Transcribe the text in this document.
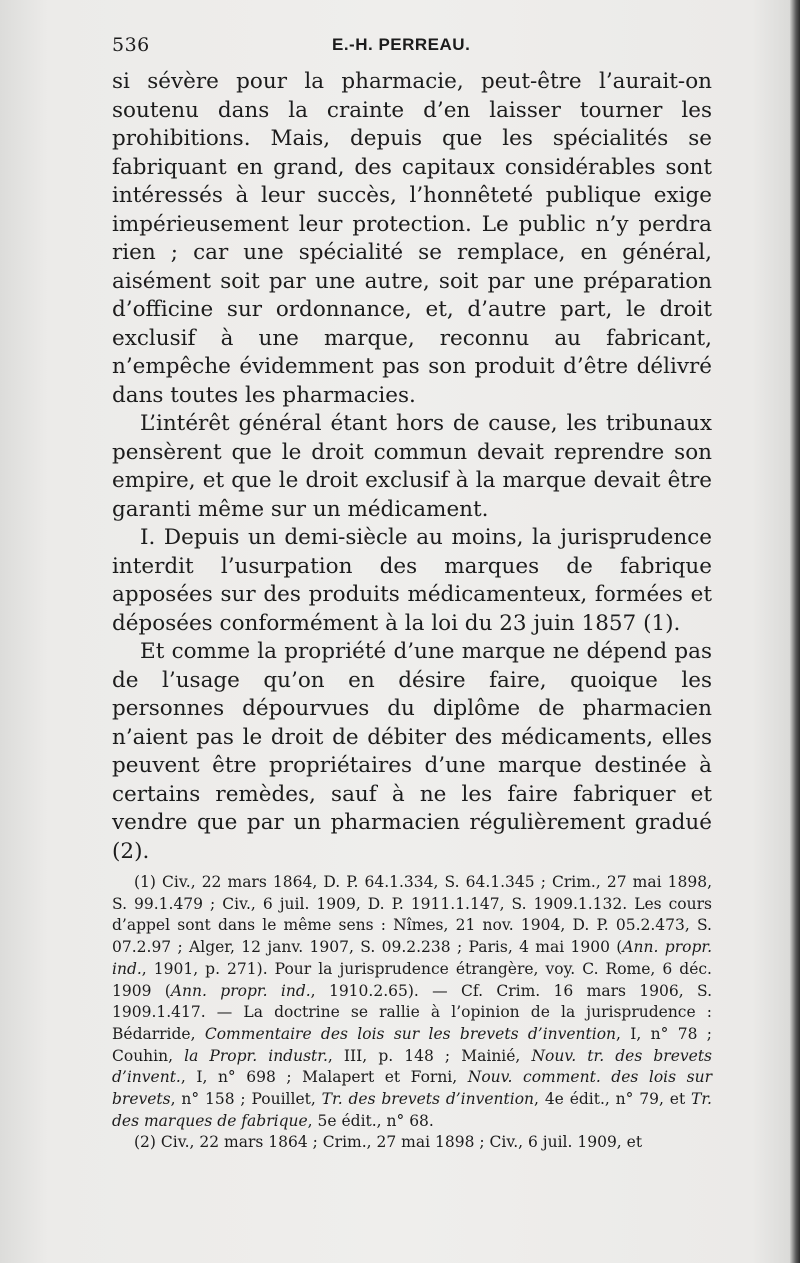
536	E.-H. PERREAU.

si sévère pour la pharmacie, peut-être l’aurait-on soutenu dans la crainte d’en laisser tourner les prohibitions. Mais, depuis que les spécialités se fabriquant en grand, des capitaux considérables sont intéressés à leur succès, l’honnêteté publique exige impérieusement leur protection. Le public n’y perdra rien ; car une spécialité se remplace, en général, aisément soit par une autre, soit par une préparation d’officine sur ordonnance, et, d’autre part, le droit exclusif à une marque, reconnu au fabricant, n’empêche évidemment pas son produit d’être délivré dans toutes les pharmacies.

L’intérêt général étant hors de cause, les tribunaux pensèrent que le droit commun devait reprendre son empire, et que le droit exclusif à la marque devait être garanti même sur un médicament.

I. Depuis un demi-siècle au moins, la jurisprudence interdit l’usurpation des marques de fabrique apposées sur des produits médicamenteux, formées et déposées conformément à la loi du 23 juin 1857 (1).

Et comme la propriété d’une marque ne dépend pas de l’usage qu’on en désire faire, quoique les personnes dépourvues du diplôme de pharmacien n’aient pas le droit de débiter des médicaments, elles peuvent être propriétaires d’une marque destinée à certains remèdes, sauf à ne les faire fabriquer et vendre que par un pharmacien régulièrement gradué (2).

(1) Civ., 22 mars 1864, D. P. 64.1.334, S. 64.1.345 ; Crim., 27 mai 1898, S. 99.1.479 ; Civ., 6 juil. 1909, D. P. 1911.1.147, S. 1909.1.132. Les cours d’appel sont dans le même sens : Nîmes, 21 nov. 1904, D. P. 05.2.473, S. 07.2.97 ; Alger, 12 janv. 1907, S. 09.2.238 ; Paris, 4 mai 1900 (Ann. propr. ind., 1901, p. 271). Pour la jurisprudence étrangère, voy. C. Rome, 6 déc. 1909 (Ann. propr. ind., 1910.2.65). — Cf. Crim. 16 mars 1906, S. 1909.1.417. — La doctrine se rallie à l’opinion de la jurisprudence : Bédarride, Commentaire des lois sur les brevets d’invention, I, n° 78 ; Couhin, la Propr. industr., III, p. 148 ; Mainié, Nouv. tr. des brevets d’invent., I, n° 698 ; Malapert et Forni, Nouv. comment. des lois sur brevets, n° 158 ; Pouillet, Tr. des brevets d’invention, 4e édit., n° 79, et Tr. des marques de fabrique, 5e édit., n° 68.

(2) Civ., 22 mars 1864 ; Crim., 27 mai 1898 ; Civ., 6 juil. 1909, et
